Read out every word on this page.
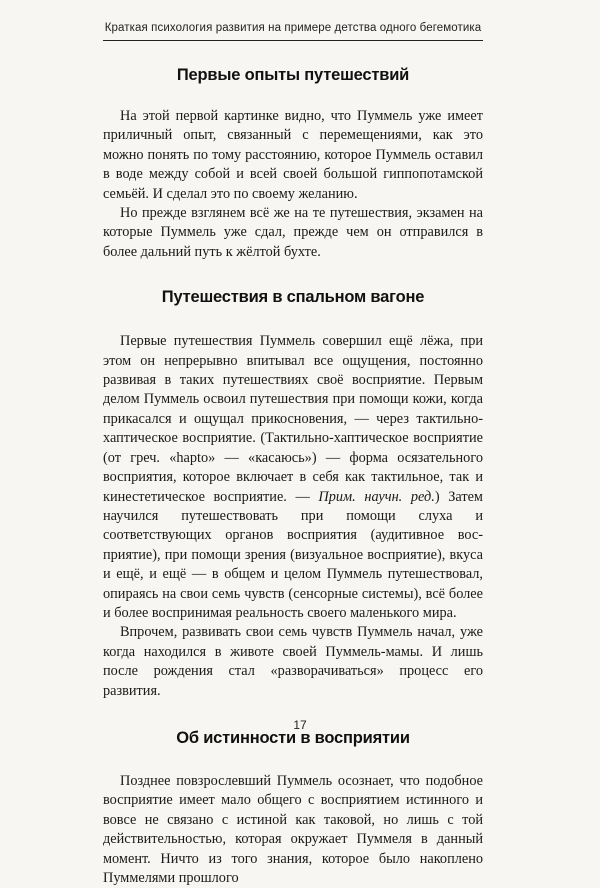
Краткая психология развития на примере детства одного бегемотика
Первые опыты путешествий

На этой первой картинке видно, что Пуммель уже имеет приличный опыт, связанный с перемещениями, как это можно понять по тому расстоянию, которое Пуммель оставил в воде между собой и всей своей большой гиппопотамской семьёй. И сделал это по своему желанию.

Но прежде взглянем всё же на те путешествия, экзамен на которые Пуммель уже сдал, прежде чем он отправился в более дальний путь к жёлтой бухте.

Путешествия в спальном вагоне

Первые путешествия Пуммель совершил ещё лёжа, при этом он непрерывно впитывал все ощущения, постоянно развивая в таких путешествиях своё восприятие. Первым делом Пуммель освоил путешествия при помощи кожи, когда прикасался и ощущал прикосновения, — через тактильно-хаптическое восприятие. (Тактильно-хаптическое восприятие (от греч. «hapto» — «касаюсь») — форма осязательного восприятия, которое включает в себя как тактильное, так и кинестетическое восприятие. — Прим. научн. ред.) Затем научился путешествовать при помощи слуха и соответствующих органов восприятия (аудитивное восприятие), при помощи зрения (визуальное восприятие), вкуса и ещё, и ещё — в общем и целом Пуммель путешествовал, опираясь на свои семь чувств (сенсорные системы), всё более и более воспринимая реальность своего маленького мира.

Впрочем, развивать свои семь чувств Пуммель начал, уже когда находился в животе своей Пуммель-мамы. И лишь после рождения стал «разворачиваться» процесс его развития.

Об истинности в восприятии

Позднее повзрослевший Пуммель осознает, что подобное восприятие имеет мало общего с восприятием истинного и вовсе не связано с истиной как таковой, но лишь с той действительностью, которая окружает Пуммеля в данный момент. Ничто из того знания, которое было накоплено Пуммелями прошлого

17
